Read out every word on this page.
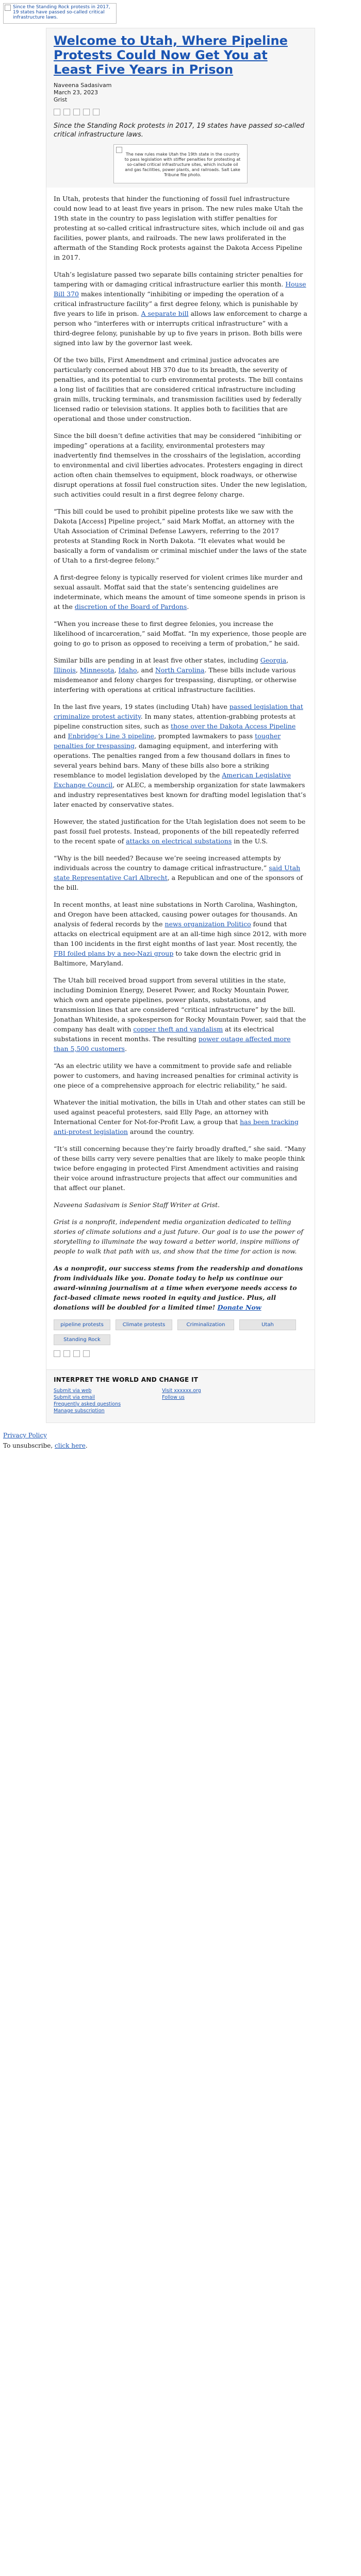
Since the Standing Rock protests in 2017, 19 states have passed so-called critical infrastructure laws.
Welcome to Utah, Where Pipeline Protests Could Now Get You at Least Five Years in Prison

Naveena Sadasivam

March 23, 2023

Grist

Since the Standing Rock protests in 2017, 19 states have passed so-called critical infrastructure laws.

The new rules make Utah the 19th state in the country to pass legislation with stiffer penalties for protesting at so-called critical infrastructure sites, which include oil and gas facilities, power plants, and railroads. Salt Lake Tribune file photo.

In Utah, protests that hinder the functioning of fossil fuel infrastructure could now lead to at least five years in prison. The new rules make Utah the 19th state in the country to pass legislation with stiffer penalties for protesting at so-called critical infrastructure sites, which include oil and gas facilities, power plants, and railroads. The new laws proliferated in the aftermath of the Standing Rock protests against the Dakota Access Pipeline in 2017.

Utah’s legislature passed two separate bills containing stricter penalties for tampering with or damaging critical infrastructure earlier this month. House Bill 370 makes intentionally “inhibiting or impeding the operation of a critical infrastructure facility” a first degree felony, which is punishable by five years to life in prison. A separate bill allows law enforcement to charge a person who “interferes with or interrupts critical infrastructure” with a third-degree felony, punishable by up to five years in prison. Both bills were signed into law by the governor last week.

Of the two bills, First Amendment and criminal justice advocates are particularly concerned about HB 370 due to its breadth, the severity of penalties, and its potential to curb environmental protests. The bill contains a long list of facilities that are considered critical infrastructure including grain mills, trucking terminals, and transmission facilities used by federally licensed radio or television stations. It applies both to facilities that are operational and those under construction.

Since the bill doesn’t define activities that may be considered “inhibiting or impeding” operations at a facility, environmental protesters may inadvertently find themselves in the crosshairs of the legislation, according to environmental and civil liberties advocates. Protesters engaging in direct action often chain themselves to equipment, block roadways, or otherwise disrupt operations at fossil fuel construction sites. Under the new legislation, such activities could result in a first degree felony charge.

“This bill could be used to prohibit pipeline protests like we saw with the Dakota [Access] Pipeline project,” said Mark Moffat, an attorney with the Utah Association of Criminal Defense Lawyers, referring to the 2017 protests at Standing Rock in North Dakota. “It elevates what would be basically a form of vandalism or criminal mischief under the laws of the state of Utah to a first-degree felony.”

A first-degree felony is typically reserved for violent crimes like murder and sexual assault. Moffat said that the state’s sentencing guidelines are indeterminate, which means the amount of time someone spends in prison is at the discretion of the Board of Pardons.

“When you increase these to first degree felonies, you increase the likelihood of incarceration,” said Moffat. “In my experience, those people are going to go to prison as opposed to receiving a term of probation,” he said.

Similar bills are pending in at least five other states, including Georgia, Illinois, Minnesota, Idaho, and North Carolina. These bills include various misdemeanor and felony charges for trespassing, disrupting, or otherwise interfering with operations at critical infrastructure facilities.

In the last five years, 19 states (including Utah) have passed legislation that criminalize protest activity. In many states, attention-grabbing protests at pipeline construction sites, such as those over the Dakota Access Pipeline and Enbridge’s Line 3 pipeline, prompted lawmakers to pass tougher penalties for trespassing, damaging equipment, and interfering with operations. The penalties ranged from a few thousand dollars in fines to several years behind bars. Many of these bills also bore a striking resemblance to model legislation developed by the American Legislative Exchange Council, or ALEC, a membership organization for state lawmakers and industry representatives best known for drafting model legislation that’s later enacted by conservative states.

However, the stated justification for the Utah legislation does not seem to be past fossil fuel protests. Instead, proponents of the bill repeatedly referred to the recent spate of attacks on electrical substations in the U.S.

“Why is the bill needed? Because we’re seeing increased attempts by individuals across the country to damage critical infrastructure,” said Utah state Representative Carl Albrecht, a Republican and one of the sponsors of the bill.

In recent months, at least nine substations in North Carolina, Washington, and Oregon have been attacked, causing power outages for thousands. An analysis of federal records by the news organization Politico found that attacks on electrical equipment are at an all-time high since 2012, with more than 100 incidents in the first eight months of last year. Most recently, the FBI foiled plans by a neo-Nazi group to take down the electric grid in Baltimore, Maryland.

The Utah bill received broad support from several utilities in the state, including Dominion Energy, Deseret Power, and Rocky Mountain Power, which own and operate pipelines, power plants, substations, and transmission lines that are considered “critical infrastructure” by the bill. Jonathan Whiteside, a spokesperson for Rocky Mountain Power, said that the company has dealt with copper theft and vandalism at its electrical substations in recent months. The resulting power outage affected more than 5,500 customers.

“As an electric utility we have a commitment to provide safe and reliable power to customers, and having increased penalties for criminal activity is one piece of a comprehensive approach for electric reliability,” he said.

Whatever the initial motivation, the bills in Utah and other states can still be used against peaceful protesters, said Elly Page, an attorney with International Center for Not-for-Profit Law, a group that has been tracking anti-protest legislation around the country.

“It’s still concerning because they’re fairly broadly drafted,” she said. “Many of these bills carry very severe penalties that are likely to make people think twice before engaging in protected First Amendment activities and raising their voice around infrastructure projects that affect our communities and that affect our planet.

Naveena Sadasivam is Senior Staff Writer at Grist.

Grist is a nonprofit, independent media organization dedicated to telling stories of climate solutions and a just future. Our goal is to use the power of storytelling to illuminate the way toward a better world, inspire millions of people to walk that path with us, and show that the time for action is now.

As a nonprofit, our success stems from the readership and donations from individuals like you. Donate today to help us continue our award-winning journalism at a time when everyone needs access to fact-based climate news rooted in equity and justice. Plus, all donations will be doubled for a limited time! Donate Now

pipeline protests	Climate protests	Criminalization	Utah
Standing Rock

INTERPRET THE WORLD AND CHANGE IT

Submit via web
Submit via email
Frequently asked questions
Manage subscription
Visit xxxxxx.org
Follow us
Privacy Policy
To unsubscribe, click here.
